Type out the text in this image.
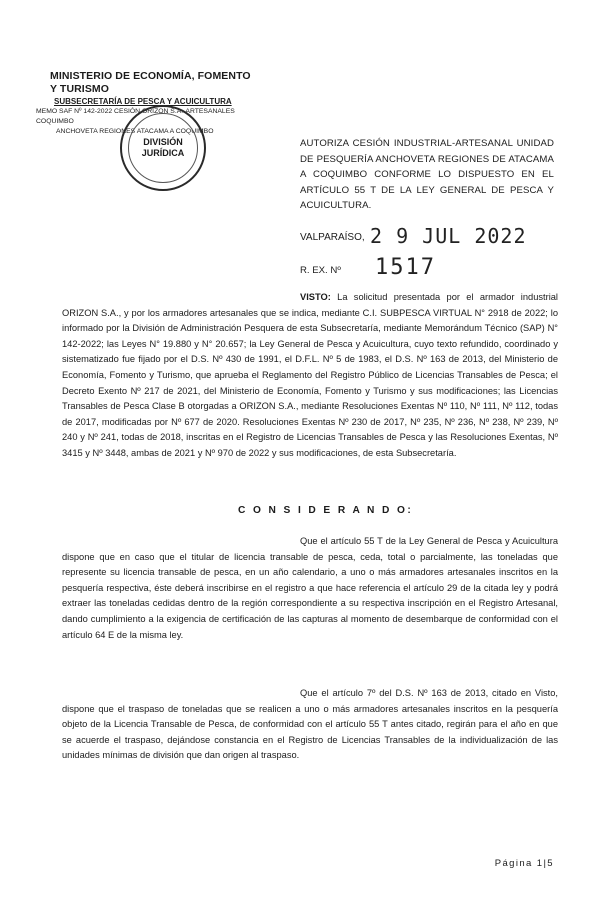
MINISTERIO DE ECONOMÍA, FOMENTO Y TURISMO
SUBSECRETARÍA DE PESCA Y ACUICULTURA
MEMO SAF Nº 142-2022 CESIÓN ORIZON S.A.-ARTESANALES COQUIMBO
ANCHOVETA REGIONES ATACAMA A COQUIMBO
DIVISIÓN
JURÍDICA
AUTORIZA CESIÓN INDUSTRIAL-ARTESANAL UNIDAD DE PESQUERÍA ANCHOVETA REGIONES DE ATACAMA A COQUIMBO CONFORME LO DISPUESTO EN EL ARTÍCULO 55 T DE LA LEY GENERAL DE PESCA Y ACUICULTURA.
VALPARAÍSO, 2 9 JUL 2022
R. EX. Nº 1517
VISTO: La solicitud presentada por el armador industrial ORIZON S.A., y por los armadores artesanales que se indica, mediante C.I. SUBPESCA VIRTUAL N° 2918 de 2022; lo informado por la División de Administración Pesquera de esta Subsecretaría, mediante Memorándum Técnico (SAP) N° 142-2022; las Leyes N° 19.880 y N° 20.657; la Ley General de Pesca y Acuicultura, cuyo texto refundido, coordinado y sistematizado fue fijado por el D.S. Nº 430 de 1991, el D.F.L. Nº 5 de 1983, el D.S. Nº 163 de 2013, del Ministerio de Economía, Fomento y Turismo, que aprueba el Reglamento del Registro Público de Licencias Transables de Pesca; el Decreto Exento Nº 217 de 2021, del Ministerio de Economía, Fomento y Turismo y sus modificaciones; las Licencias Transables de Pesca Clase B otorgadas a ORIZON S.A., mediante Resoluciones Exentas Nº 110, Nº 111, Nº 112, todas de 2017, modificadas por Nº 677 de 2020. Resoluciones Exentas Nº 230 de 2017, Nº 235, Nº 236, Nº 238, Nº 239, Nº 240 y Nº 241, todas de 2018, inscritas en el Registro de Licencias Transables de Pesca y las Resoluciones Exentas, Nº 3415 y Nº 3448, ambas de 2021 y Nº 970 de 2022 y sus modificaciones, de esta Subsecretaría.
C O N S I D E R A N D O:
Que el artículo 55 T de la Ley General de Pesca y Acuicultura dispone que en caso que el titular de licencia transable de pesca, ceda, total o parcialmente, las toneladas que represente su licencia transable de pesca, en un año calendario, a uno o más armadores artesanales inscritos en la pesquería respectiva, éste deberá inscribirse en el registro a que hace referencia el artículo 29 de la citada ley y podrá extraer las toneladas cedidas dentro de la región correspondiente a su respectiva inscripción en el Registro Artesanal, dando cumplimiento a la exigencia de certificación de las capturas al momento de desembarque de conformidad con el artículo 64 E de la misma ley.
Que el artículo 7º del D.S. Nº 163 de 2013, citado en Visto, dispone que el traspaso de toneladas que se realicen a uno o más armadores artesanales inscritos en la pesquería objeto de la Licencia Transable de Pesca, de conformidad con el artículo 55 T antes citado, regirán para el año en que se acuerde el traspaso, dejándose constancia en el Registro de Licencias Transables de la individualización de las unidades mínimas de división que dan origen al traspaso.
Página 1|5
